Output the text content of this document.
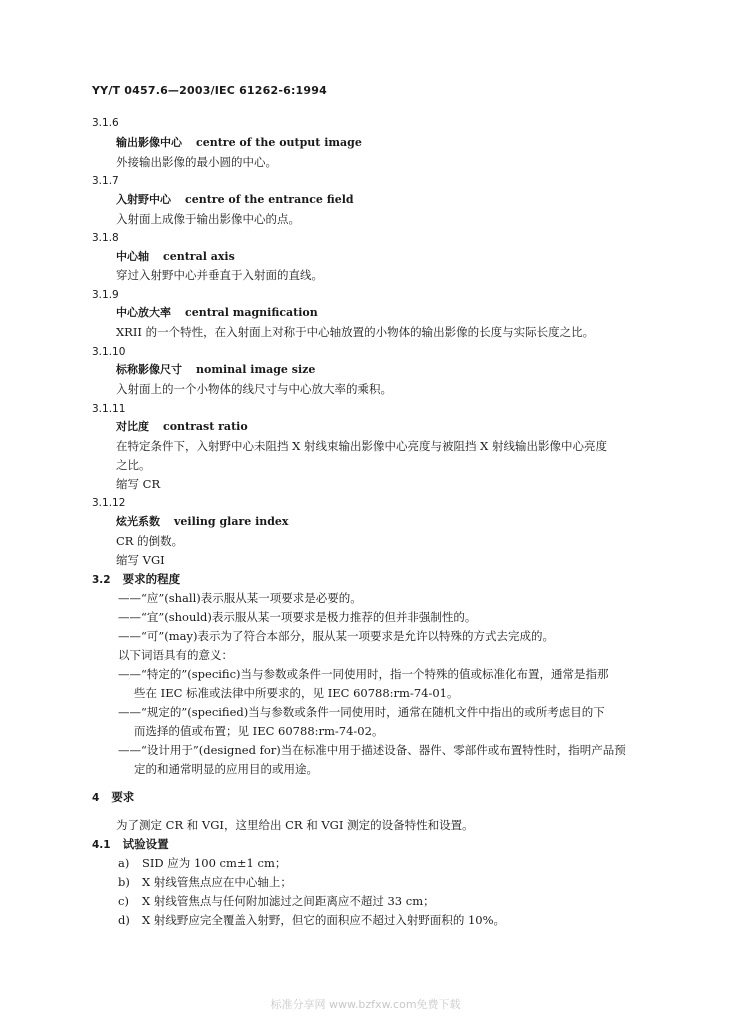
YY/T 0457.6—2003/IEC 61262-6:1994
3.1.6
输出影像中心 centre of the output image
外接输出影像的最小圆的中心。
3.1.7
入射野中心 centre of the entrance field
入射面上成像于输出影像中心的点。
3.1.8
中心轴 central axis
穿过入射野中心并垂直于入射面的直线。
3.1.9
中心放大率 central magnification
XRII 的一个特性，在入射面上对称于中心轴放置的小物体的输出影像的长度与实际长度之比。
3.1.10
标称影像尺寸 nominal image size
入射面上的一个小物体的线尺寸与中心放大率的乘积。
3.1.11
对比度 contrast ratio
在特定条件下，入射野中心未阻挡 X 射线束输出影像中心亮度与被阻挡 X 射线输出影像中心亮度
之比。
缩写 CR
3.1.12
炫光系数 veiling glare index
CR 的倒数。
缩写 VGI
3.2 要求的程度
——“应”(shall)表示服从某一项要求是必要的。
——“宜”(should)表示服从某一项要求是极力推荐的但并非强制性的。
——“可”(may)表示为了符合本部分，服从某一项要求是允许以特殊的方式去完成的。
以下词语具有的意义：
——“特定的”(specific)当与参数或条件一同使用时，指一个特殊的值或标准化布置，通常是指那
些在 IEC 标准或法律中所要求的，见 IEC 60788:rm-74-01。
——“规定的”(specified)当与参数或条件一同使用时，通常在随机文件中指出的或所考虑目的下
而选择的值或布置；见 IEC 60788:rm-74-02。
——“设计用于”(designed for)当在标准中用于描述设备、器件、零部件或布置特性时，指明产品预
定的和通常明显的应用目的或用途。
4 要求
为了测定 CR 和 VGI，这里给出 CR 和 VGI 测定的设备特性和设置。
4.1 试验设置
a) SID 应为 100 cm±1 cm；
b) X 射线管焦点应在中心轴上；
c) X 射线管焦点与任何附加滤过之间距离应不超过 33 cm；
d) X 射线野应完全覆盖入射野，但它的面积应不超过入射野面积的 10%。
标准分享网 www.bzfxw.com免费下载
